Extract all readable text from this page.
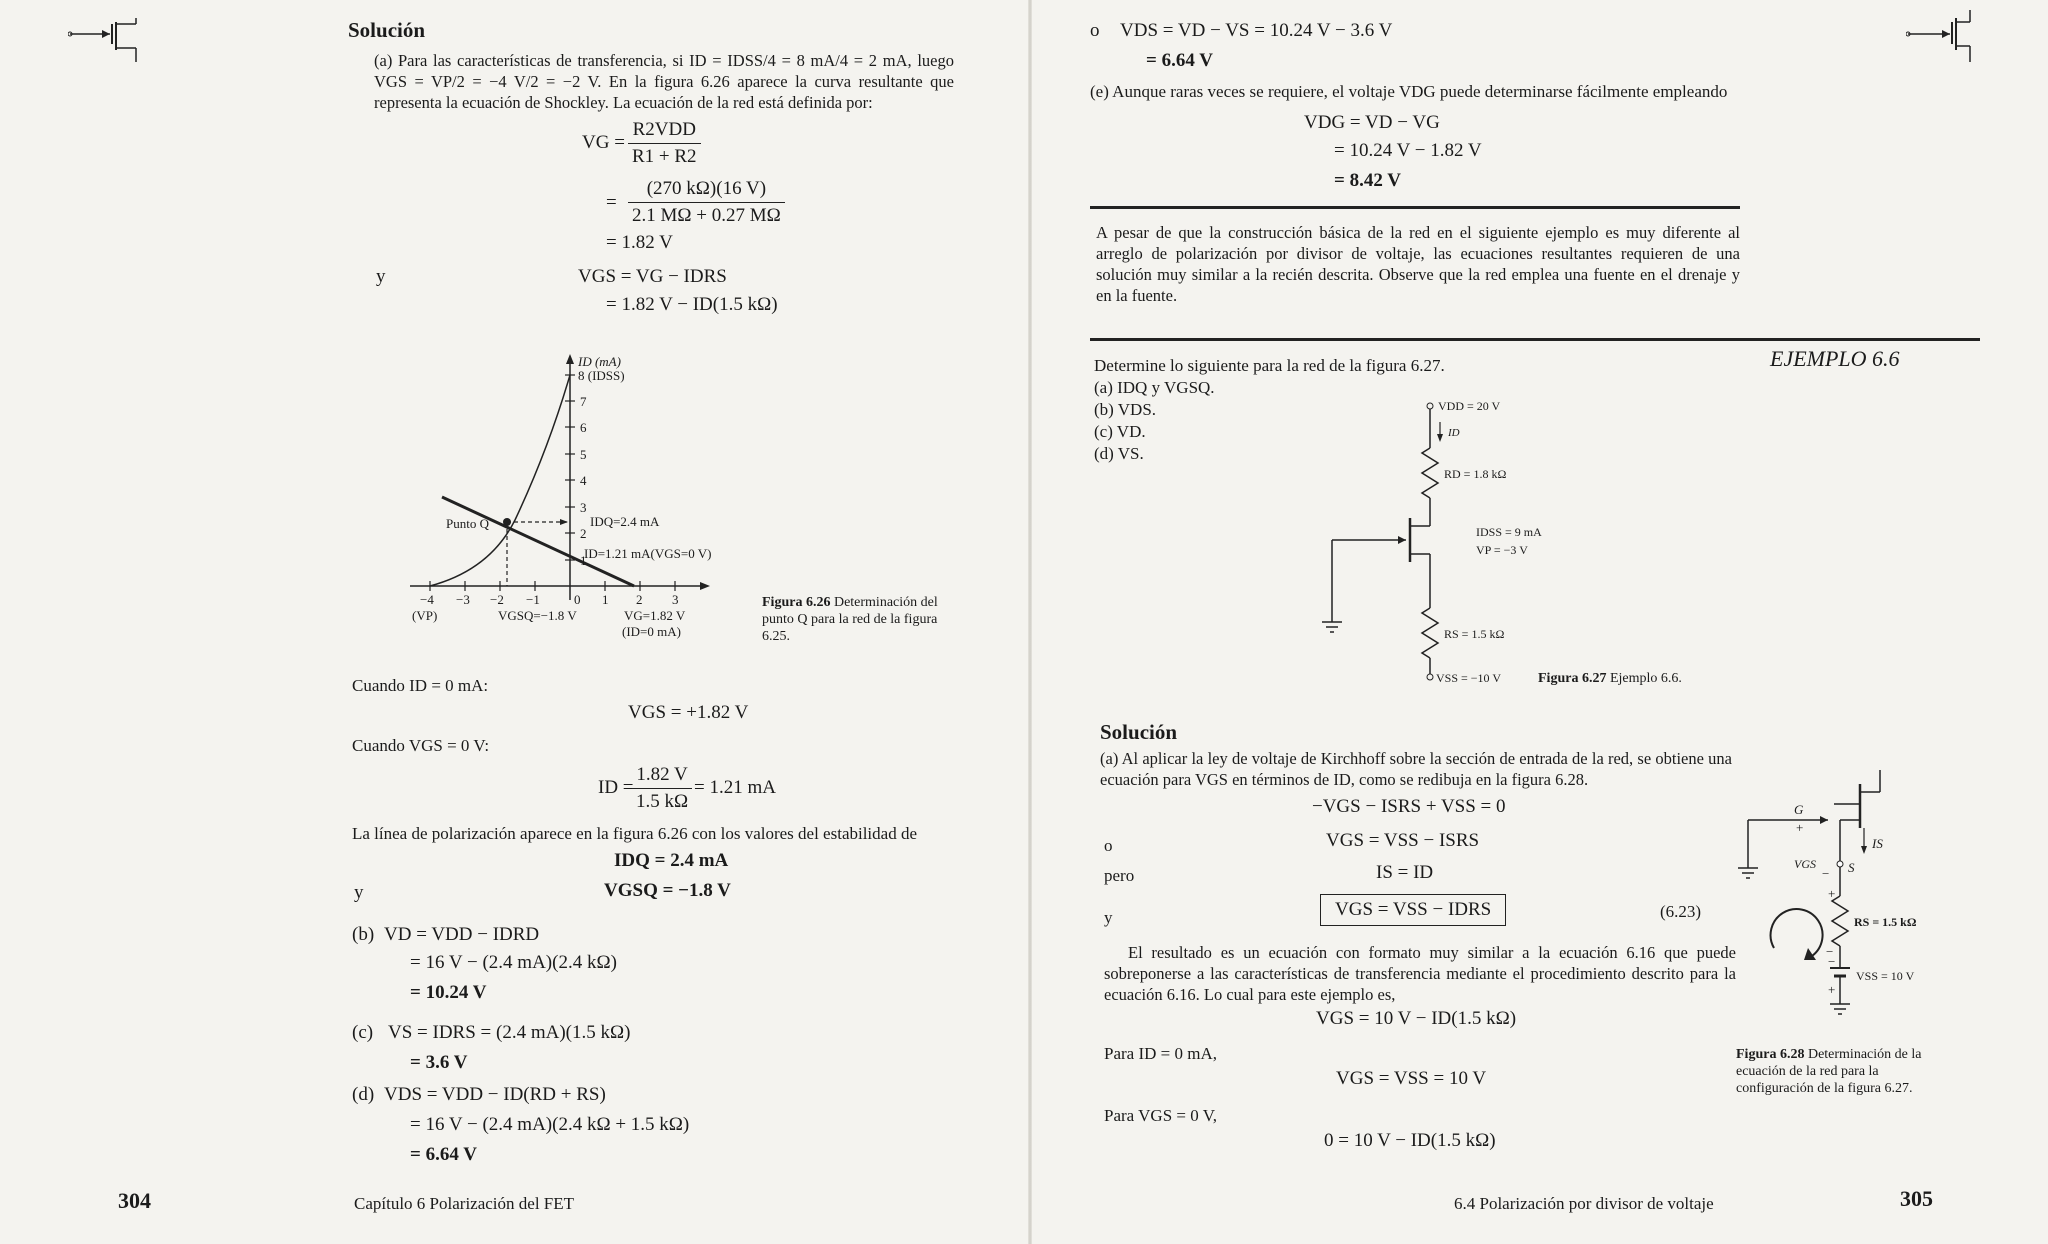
Solución
(a) Para las características de transferencia, si ID = IDSS/4 = 8 mA/4 = 2 mA, luego VGS = VP/2 = −4 V/2 = −2 V. En la figura 6.26 aparece la curva resultante que representa la ecuación de Shockley. La ecuación de la red está definida por:
VG = $\frac{\text{R2VDD}}{R1 + R2}$
= $\frac{(270 k\Omega)(16 V)}{2.1 M\Omega + 0.27 M\Omega}$
= 1.82 V
y	VGS = VG − IDRS
= 1.82 V − ID(1.5 kΩ)
ID (mA)
8 (IDSS)
7
6
5
4
3
2
1
−4 −3 −2 −1	0 1 2 3
(VP)
Punto Q	IDQ=2.4 mA
ID=1.21 mA(VGS=0 V)
VGSQ=−1.8 V	VG=1.82 V
(ID=0 mA)
Figura 6.26 Determinación del punto Q para la red de la figura 6.25.
Cuando ID = 0 mA:
VGS = +1.82 V
Cuando VGS = 0 V:
ID =
$\frac{1.82 V}{1.5 k\Omega} = 1.21$ mA
La línea de polarización aparece en la figura 6.26 con los valores del estabilidad de
IDQ = 2.4 mA
y	VGSQ = −1.8 V
(b) VD = VDD − IDRD
= 16 V − (2.4 mA)(2.4 kΩ)
= 10.24 V
(c) VS = IDRS = (2.4 mA)(1.5 kΩ)
= 3.6 V
(d) VDS = VDD − ID(RD + RS)
= 16 V − (2.4 mA)(2.4 kΩ + 1.5 kΩ)
= 6.64 V
304	Capítulo 6 Polarización del FET
o VDS = VD − VS = 10.24 V − 3.6 V
= 6.64 V
(e) Aunque raras veces se requiere, el voltaje VDG puede determinarse fácilmente empleando
VDG = VD − VG
= 10.24 V − 1.82 V
= 8.42 V
A pesar de que la construcción básica de la red en el siguiente ejemplo es muy diferente al arreglo de polarización por divisor de voltaje, las ecuaciones resultantes requieren de una solución muy similar a la recién descrita. Observe que la red emplea una fuente en el drenaje y en la fuente.
EJEMPLO 6.6
Determine lo siguiente para la red de la figura 6.27.
(a) IDQ y VGSQ.
(b) VDS.
(c) VD.
(d) VS.
VDD = 20 V
ID
RD = 1.8 kΩ
IDSS = 9 mA
VP = −3 V
RS = 1.5 kΩ
VSS = −10 V	Figura 6.27 Ejemplo 6.6.
Solución
(a) Al aplicar la ley de voltaje de Kirchhoff sobre la sección de entrada de la red, se obtiene una ecuación para VGS en términos de ID, como se redibuja en la figura 6.28.
−VGS − ISRS + VSS = 0
o	VGS = VSS − ISRS
pero	IS = ID
y	VGS = VSS − IDRS	(6.23)
El resultado es un ecuación con formato muy similar a la ecuación 6.16 que puede sobreponerse a las características de transferencia mediante el procedimiento descrito para la ecuación 6.16. Lo cual para este ejemplo es,
VGS = 10 V − ID(1.5 kΩ)
Para ID = 0 mA,
VGS = VSS = 10 V
Para VGS = 0 V,
0 = 10 V − ID(1.5 kΩ)
G
+
− S
IS
VGS
+
RS = 1.5 kΩ
−
−
VSS = 10 V
+
Figura 6.28 Determinación de la ecuación de la red para la configuración de la figura 6.27.
6.4 Polarización por divisor de voltaje	305
